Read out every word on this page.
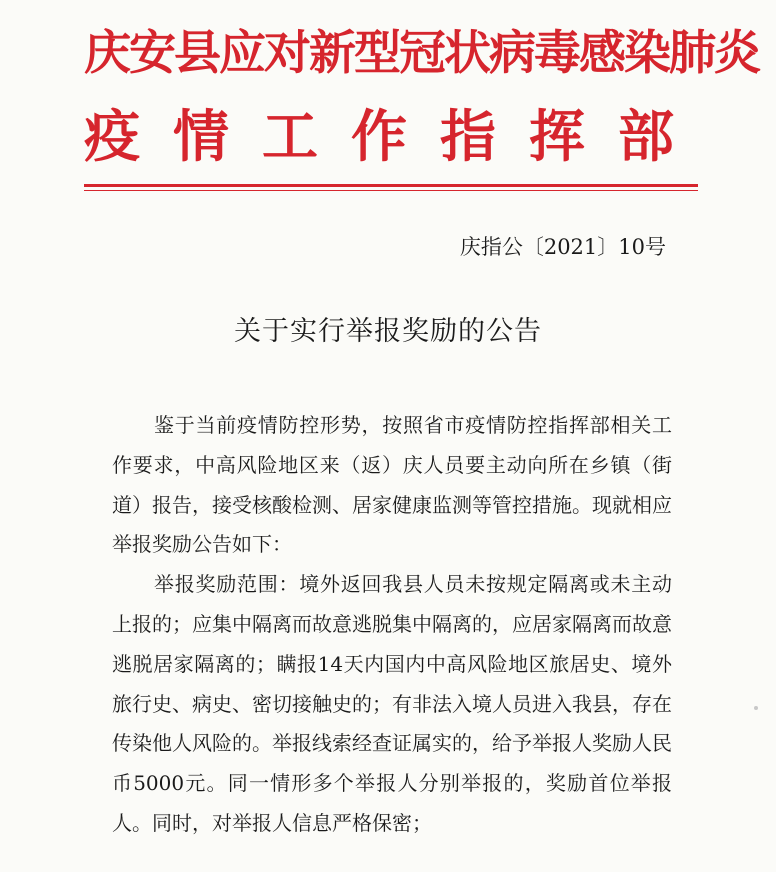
庆安县应对新型冠状病毒感染肺炎
疫情工作指挥部
庆指公〔2021〕10号
关于实行举报奖励的公告

鉴于当前疫情防控形势，按照省市疫情防控指挥部相关工作要求，中高风险地区来（返）庆人员要主动向所在乡镇（街道）报告，接受核酸检测、居家健康监测等管控措施。现就相应举报奖励公告如下：

举报奖励范围：境外返回我县人员未按规定隔离或未主动上报的；应集中隔离而故意逃脱集中隔离的，应居家隔离而故意逃脱居家隔离的；瞒报14天内国内中高风险地区旅居史、境外旅行史、病史、密切接触史的；有非法入境人员进入我县，存在传染他人风险的。举报线索经查证属实的，给予举报人奖励人民币5000元。同一情形多个举报人分别举报的，奖励首位举报人。同时，对举报人信息严格保密；
